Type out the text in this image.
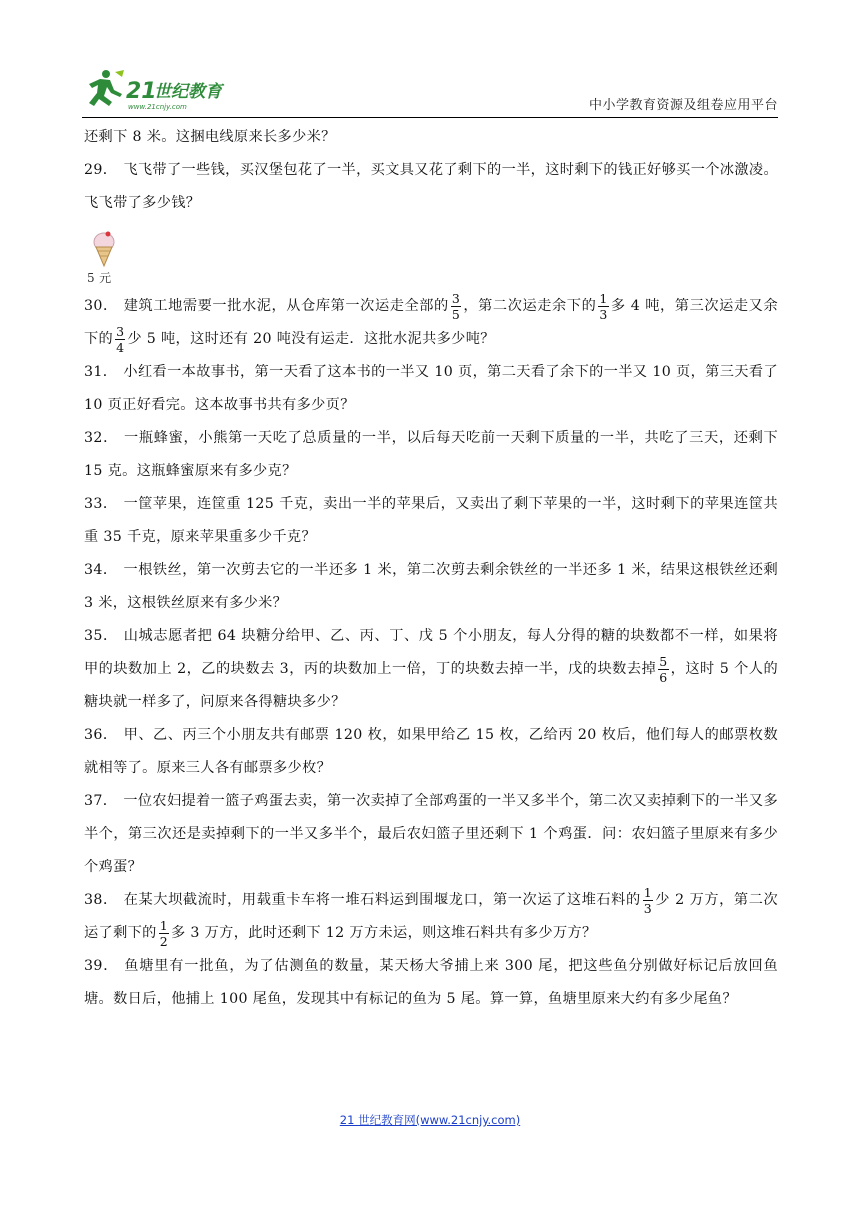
21
世纪教育
www.21cnjy.com	中小学教育资源及组卷应用平台

还剩下 8 米。这捆电线原来长多少米？

29． 飞飞带了一些钱，买汉堡包花了一半，买文具又花了剩下的一半，这时剩下的钱正好够买一个冰激凌。飞飞带了多少钱？

5 元

30． 建筑工地需要一批水泥，从仓库第一次运走全部的 $\frac{3}{5}$ ，第二次运走余下的 $\frac{1}{3}$ 多 4 吨，第三次运走又余下的 $\frac{3}{4}$ 少 5 吨，这时还有 20 吨没有运走．这批水泥共多少吨？

31． 小红看一本故事书，第一天看了这本书的一半又 10 页，第二天看了余下的一半又 10 页，第三天看了 10 页正好看完。这本故事书共有多少页？

32． 一瓶蜂蜜，小熊第一天吃了总质量的一半，以后每天吃前一天剩下质量的一半，共吃了三天，还剩下 15 克。这瓶蜂蜜原来有多少克？

33． 一筐苹果，连筐重 125 千克，卖出一半的苹果后，又卖出了剩下苹果的一半，这时剩下的苹果连筐共重 35 千克，原来苹果重多少千克？

34． 一根铁丝，第一次剪去它的一半还多 1 米，第二次剪去剩余铁丝的一半还多 1 米，结果这根铁丝还剩 3 米，这根铁丝原来有多少米？

35． 山城志愿者把 64 块糖分给甲、乙、丙、丁、戊 5 个小朋友，每人分得的糖的块数都不一样，如果将甲的块数加上 2，乙的块数去 3，丙的块数加上一倍，丁的块数去掉一半，戊的块数去掉 $\frac{5}{6}$ ，这时 5 个人的糖块就一样多了，问原来各得糖块多少？

36． 甲、乙、丙三个小朋友共有邮票 120 枚，如果甲给乙 15 枚，乙给丙 20 枚后，他们每人的邮票枚数就相等了。原来三人各有邮票多少枚？

37． 一位农妇提着一篮子鸡蛋去卖，第一次卖掉了全部鸡蛋的一半又多半个，第二次又卖掉剩下的一半又多半个，第三次还是卖掉剩下的一半又多半个，最后农妇篮子里还剩下 1 个鸡蛋．问：农妇篮子里原来有多少个鸡蛋？

38． 在某大坝截流时，用载重卡车将一堆石料运到围堰龙口，第一次运了这堆石料的 $\frac{1}{3}$ 少 2 万方，第二次运了剩下的 $\frac{1}{2}$ 多 3 万方，此时还剩下 12 万方未运，则这堆石料共有多少万方？

39． 鱼塘里有一批鱼，为了估测鱼的数量，某天杨大爷捕上来 300 尾，把这些鱼分别做好标记后放回鱼塘。数日后，他捕上 100 尾鱼，发现其中有标记的鱼为 5 尾。算一算，鱼塘里原来大约有多少尾鱼？

21 世纪教育网(www.21cnjy.com)
